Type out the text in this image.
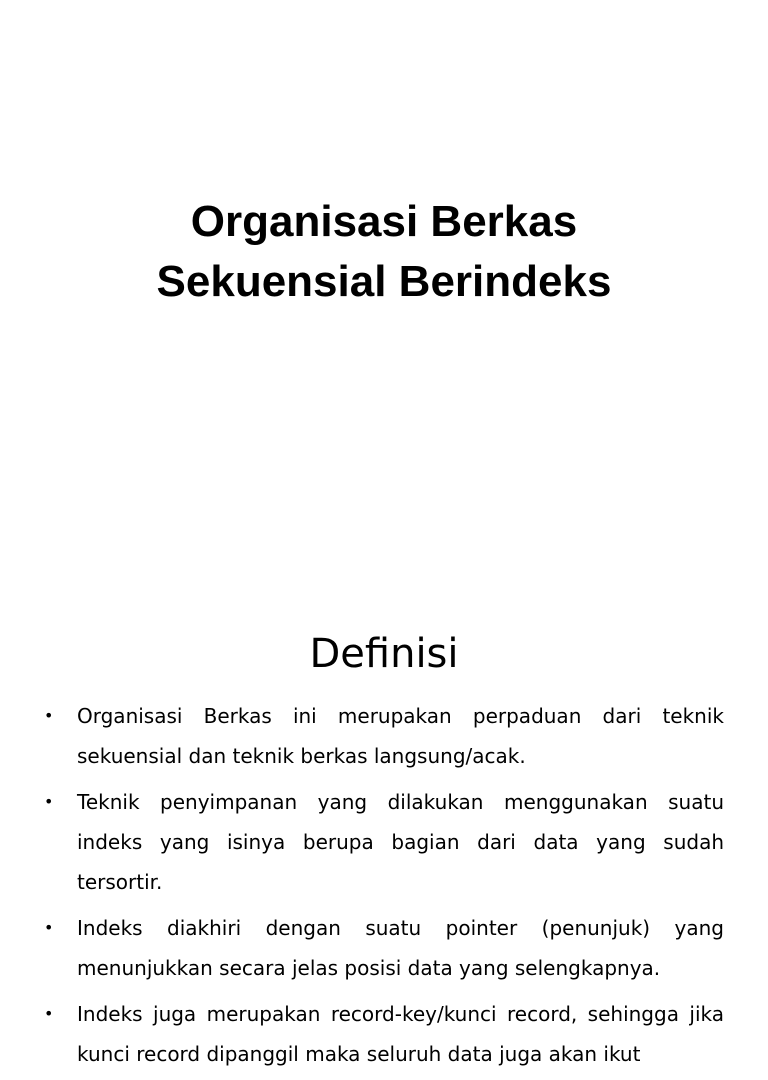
Organisasi Berkas
Sekuensial Berindeks
Definisi
• Organisasi Berkas ini merupakan perpaduan dari teknik sekuensial dan teknik berkas langsung/acak.
• Teknik penyimpanan yang dilakukan menggunakan suatu indeks yang isinya berupa bagian dari data yang sudah tersortir.
• Indeks diakhiri dengan suatu pointer (penunjuk) yang menunjukkan secara jelas posisi data yang selengkapnya.
• Indeks juga merupakan record-key/kunci record, sehingga jika kunci record dipanggil maka seluruh data juga akan ikut
